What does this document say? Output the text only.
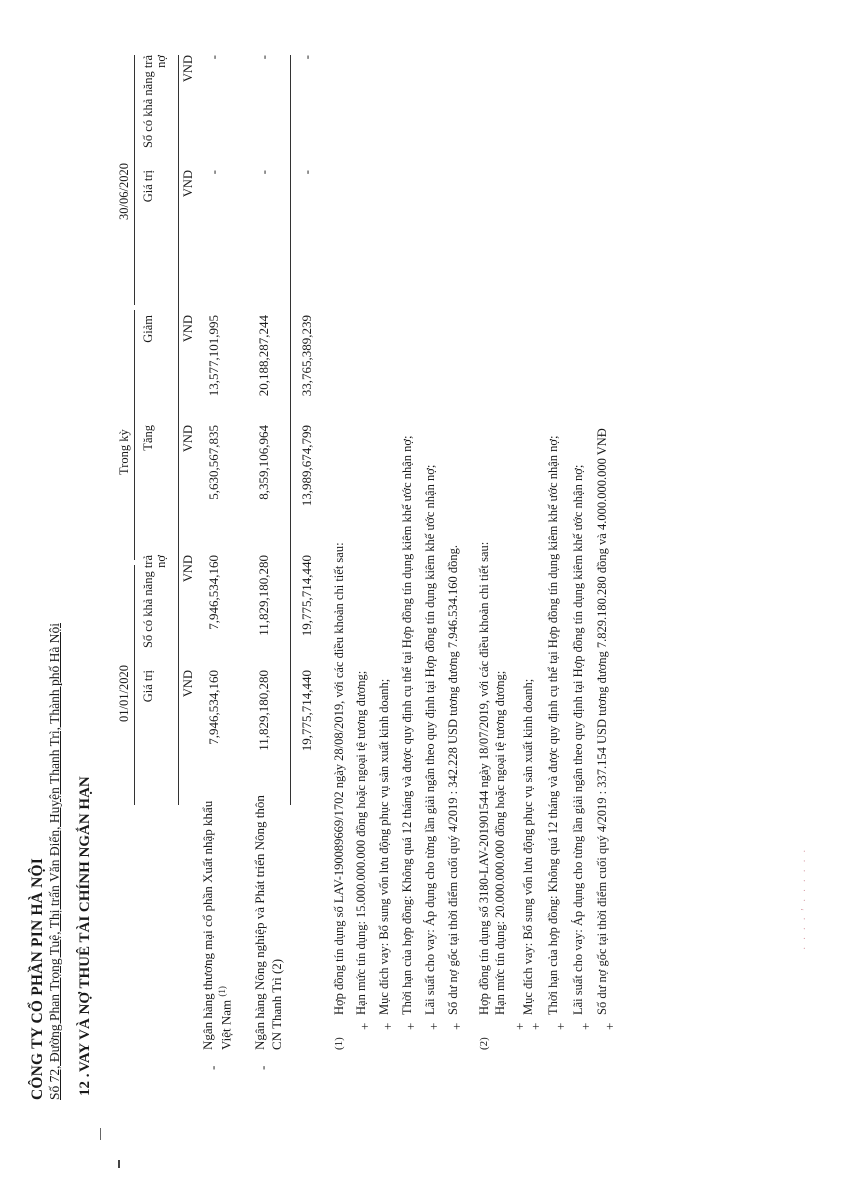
CÔNG TY CỔ PHẦN PIN HÀ NỘI Số 72, Đường Phan Trọng Tuệ, Thị trấn Văn Điển, Huyện Thanh Trì, Thành phố Hà Nội 12 .
VAY VÀ NỢ THUÊ TÀI CHÍNH NGẮN HẠN
01/01/2020
Trong kỳ
30/06/2020
Giá trị
Số có khả năng trả nợ
Tăng
Giảm
Giá trị
Số có khả năng trả nợ
VND
VND
VND
VND
VND
VND
-
Ngân hàng thương mại cổ phần Xuất nhập khẩu Việt Nam $^{(1)}$
7,946,534,160
7,946,534,160
5,630,567,835
13,577,101,995
-
-
-
Ngân hàng Nông nghiệp và Phát triển Nông thôn CN Thanh Trì (2)
11,829,180,280
11,829,180,280
8,359,106,964
20,188,287,244
-
-
19,775,714,440
19,775,714,440
13,989,674,799
33,765,389,239
-
-
(1)
Hợp đồng tín dụng số LAV-190089669/1702 ngày 28/08/2019, với các điều khoản chi tiết sau:
+
Hạn mức tín dụng: 15.000.000.000 đồng hoặc ngoại tệ tương đương;
+
Mục đích vay: Bổ sung vốn lưu động phục vụ sản xuất kinh doanh;
+
Thời hạn của hợp đồng: Không quá 12 tháng và được quy định cụ thể tại Hợp đồng tín dụng kiêm khế ước nhận nợ;
+
Lãi suất cho vay: Áp dụng cho từng lần giải ngân theo quy định tại Hợp đồng tín dụng kiêm khế ước nhận nợ;
+
Số dư nợ gốc tại thời điểm cuối quý 4/2019 : 342.228 USD tương đương 7.946.534.160 đồng.
(2)
Hợp đồng tín dụng số 3180-LAV-201901544 ngày 18/07/2019, với các điều khoản chi tiết sau: Hạn mức tín dụng: 20.000.000.000 đồng hoặc ngoại tệ tương đương;
+ +
Mục đích vay: Bổ sung vốn lưu động phục vụ sản xuất kinh doanh;
+
Thời hạn của hợp đồng: Không quá 12 tháng và được quy định cụ thể tại Hợp đồng tín dụng kiêm khế ước nhận nợ;
+
Lãi suất cho vay: Áp dụng cho từng lần giải ngân theo quy định tại Hợp đồng tín dụng kiêm khế ước nhận nợ;
+
Số dư nợ gốc tại thời điểm cuối quý 4/2019 : 337.154 USD tương đương 7.829.180.280 đồng và 4.000.000.000 VNĐ	· · · · ′ · · · · · ·
